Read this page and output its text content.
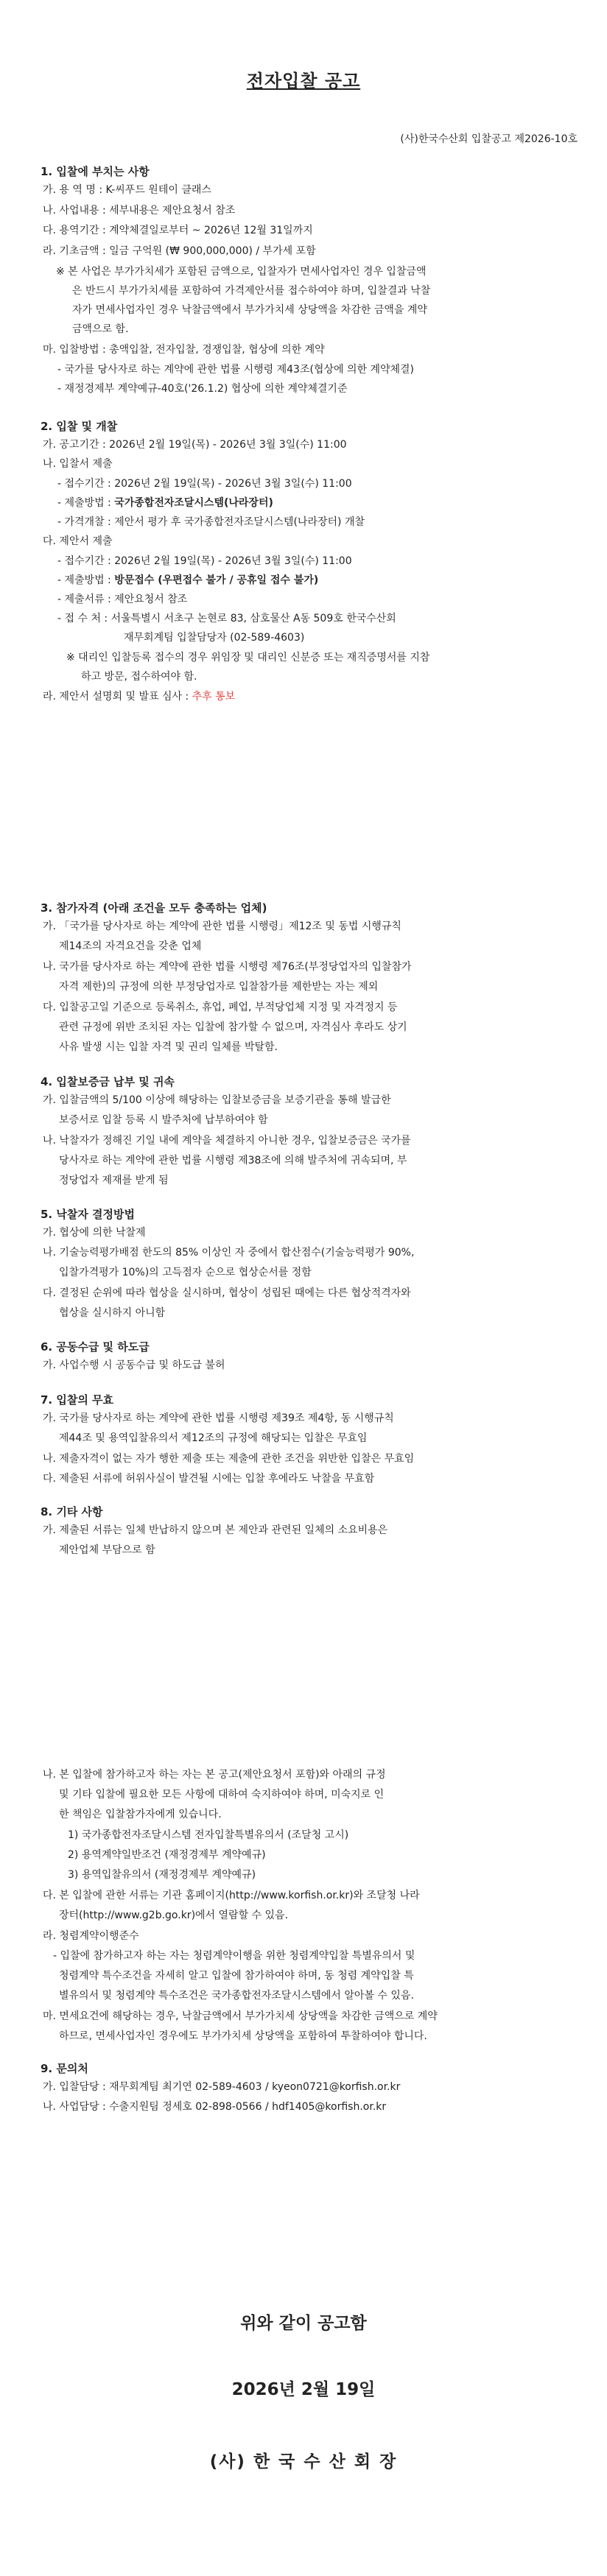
전자입찰 공고
(사)한국수산회 입찰공고 제2026-10호
1. 입찰에 부치는 사항
가. 용 역 명 : K-씨푸드 원테이 클래스
나. 사업내용 : 세부내용은 제안요청서 참조
다. 용역기간 : 계약체결일로부터 ~ 2026년 12월 31일까지
라. 기초금액 : 일금 구억원 (₩ 900,000,000) / 부가세 포함
※ 본 사업은 부가가치세가 포함된 금액으로, 입찰자가 면세사업자인 경우 입찰금액
은 반드시 부가가치세를 포함하여 가격제안서를 접수하여야 하며, 입찰결과 낙찰
자가 면세사업자인 경우 낙찰금액에서 부가가치세 상당액을 차감한 금액을 계약
금액으로 함.
마. 입찰방법 : 총액입찰, 전자입찰, 경쟁입찰, 협상에 의한 계약
- 국가를 당사자로 하는 계약에 관한 법률 시행령 제43조(협상에 의한 계약체결)
- 재정경제부 계약예규-40호('26.1.2) 협상에 의한 계약체결기준
2. 입찰 및 개찰
가. 공고기간 : 2026년 2월 19일(목) - 2026년 3월 3일(수) 11:00
나. 입찰서 제출
- 접수기간 : 2026년 2월 19일(목) - 2026년 3월 3일(수) 11:00
- 제출방법 : 국가종합전자조달시스템(나라장터)
- 가격개찰 : 제안서 평가 후 국가종합전자조달시스템(나라장터) 개찰
다. 제안서 제출
- 접수기간 : 2026년 2월 19일(목) - 2026년 3월 3일(수) 11:00
- 제출방법 : 방문접수 (우편접수 불가 / 공휴일 접수 불가)
- 제출서류 : 제안요청서 참조
- 접 수 처 : 서울특별시 서초구 논현로 83, 삼호물산 A동 509호 한국수산회
재무회계팀 입찰담당자 (02-589-4603)
※ 대리인 입찰등록 접수의 경우 위임장 및 대리인 신분증 또는 재직증명서를 지참
하고 방문, 접수하여야 함.
라. 제안서 설명회 및 발표 심사 : 추후 통보
3. 참가자격 (아래 조건을 모두 충족하는 업체)
가. 「국가를 당사자로 하는 계약에 관한 법률 시행령」제12조 및 동법 시행규칙
제14조의 자격요건을 갖춘 업체
나. 국가를 당사자로 하는 계약에 관한 법률 시행령 제76조(부정당업자의 입찰참가
자격 제한)의 규정에 의한 부정당업자로 입찰참가를 제한받는 자는 제외
다. 입찰공고일 기준으로 등록취소, 휴업, 폐업, 부적당업체 지정 및 자격정지 등
관련 규정에 위반 조치된 자는 입찰에 참가할 수 없으며, 자격심사 후라도 상기
사유 발생 시는 입찰 자격 및 권리 일체를 박탈함.
4. 입찰보증금 납부 및 귀속
가. 입찰금액의 5/100 이상에 해당하는 입찰보증금을 보증기관을 통해 발급한
보증서로 입찰 등록 시 발주처에 납부하여야 함
나. 낙찰자가 정해진 기일 내에 계약을 체결하지 아니한 경우, 입찰보증금은 국가를
당사자로 하는 계약에 관한 법률 시행령 제38조에 의해 발주처에 귀속되며, 부
정당업자 제재를 받게 됨
5. 낙찰자 결정방법
가. 협상에 의한 낙찰제
나. 기술능력평가배점 한도의 85% 이상인 자 중에서 합산점수(기술능력평가 90%,
입찰가격평가 10%)의 고득점자 순으로 협상순서를 정함
다. 결정된 순위에 따라 협상을 실시하며, 협상이 성립된 때에는 다른 협상적격자와
협상을 실시하지 아니함
6. 공동수급 및 하도급
가. 사업수행 시 공동수급 및 하도급 불허
7. 입찰의 무효
가. 국가를 당사자로 하는 계약에 관한 법률 시행령 제39조 제4항, 동 시행규칙
제44조 및 용역입찰유의서 제12조의 규정에 해당되는 입찰은 무효임
나. 제출자격이 없는 자가 행한 제출 또는 제출에 관한 조건을 위반한 입찰은 무효임
다. 제출된 서류에 허위사실이 발견될 시에는 입찰 후에라도 낙찰을 무효함
8. 기타 사항
가. 제출된 서류는 일체 반납하지 않으며 본 제안과 관련된 일체의 소요비용은
제안업체 부담으로 함
나. 본 입찰에 참가하고자 하는 자는 본 공고(제안요청서 포함)와 아래의 규정
및 기타 입찰에 필요한 모든 사항에 대하여 숙지하여야 하며, 미숙지로 인
한 책임은 입찰참가자에게 있습니다.
1) 국가종합전자조달시스템 전자입찰특별유의서 (조달청 고시)
2) 용역계약일반조건 (재정경제부 계약예규)
3) 용역입찰유의서 (재정경제부 계약예규)
다. 본 입찰에 관한 서류는 기관 홈페이지(http://www.korfish.or.kr)와 조달청 나라
장터(http://www.g2b.go.kr)에서 열람할 수 있음.
라. 청렴계약이행준수
- 입찰에 참가하고자 하는 자는 청렴계약이행을 위한 청렴계약입찰 특별유의서 및
청렴계약 특수조건을 자세히 알고 입찰에 참가하여야 하며, 동 청렴 계약입찰 특
별유의서 및 청렴계약 특수조건은 국가종합전자조달시스템에서 알아볼 수 있음.
마. 면세요건에 해당하는 경우, 낙찰금액에서 부가가치세 상당액을 차감한 금액으로 계약
하므로, 면세사업자인 경우에도 부가가치세 상당액을 포함하여 투찰하여야 합니다.
9. 문의처
가. 입찰담당 : 재무회계팀 최기연 02-589-4603 / kyeon0721@korfish.or.kr
나. 사업담당 : 수출지원팀 정세호 02-898-0566 / hdf1405@korfish.or.kr
위와 같이 공고함
2026년 2월 19일
(사) 한 국 수 산 회 장
